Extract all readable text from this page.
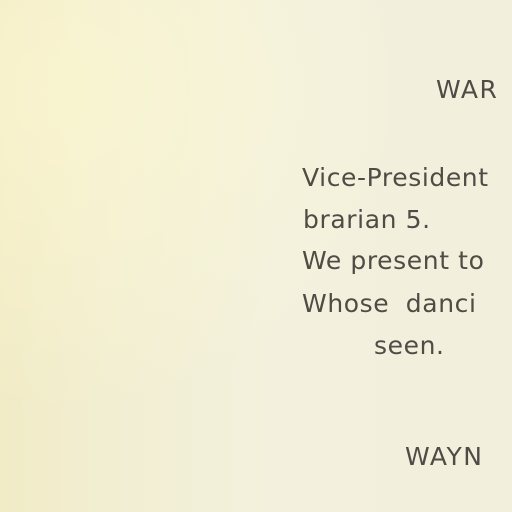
WAR
Vice-President
brarian 5.
We present to
Whose danci
seen.
WAYN
